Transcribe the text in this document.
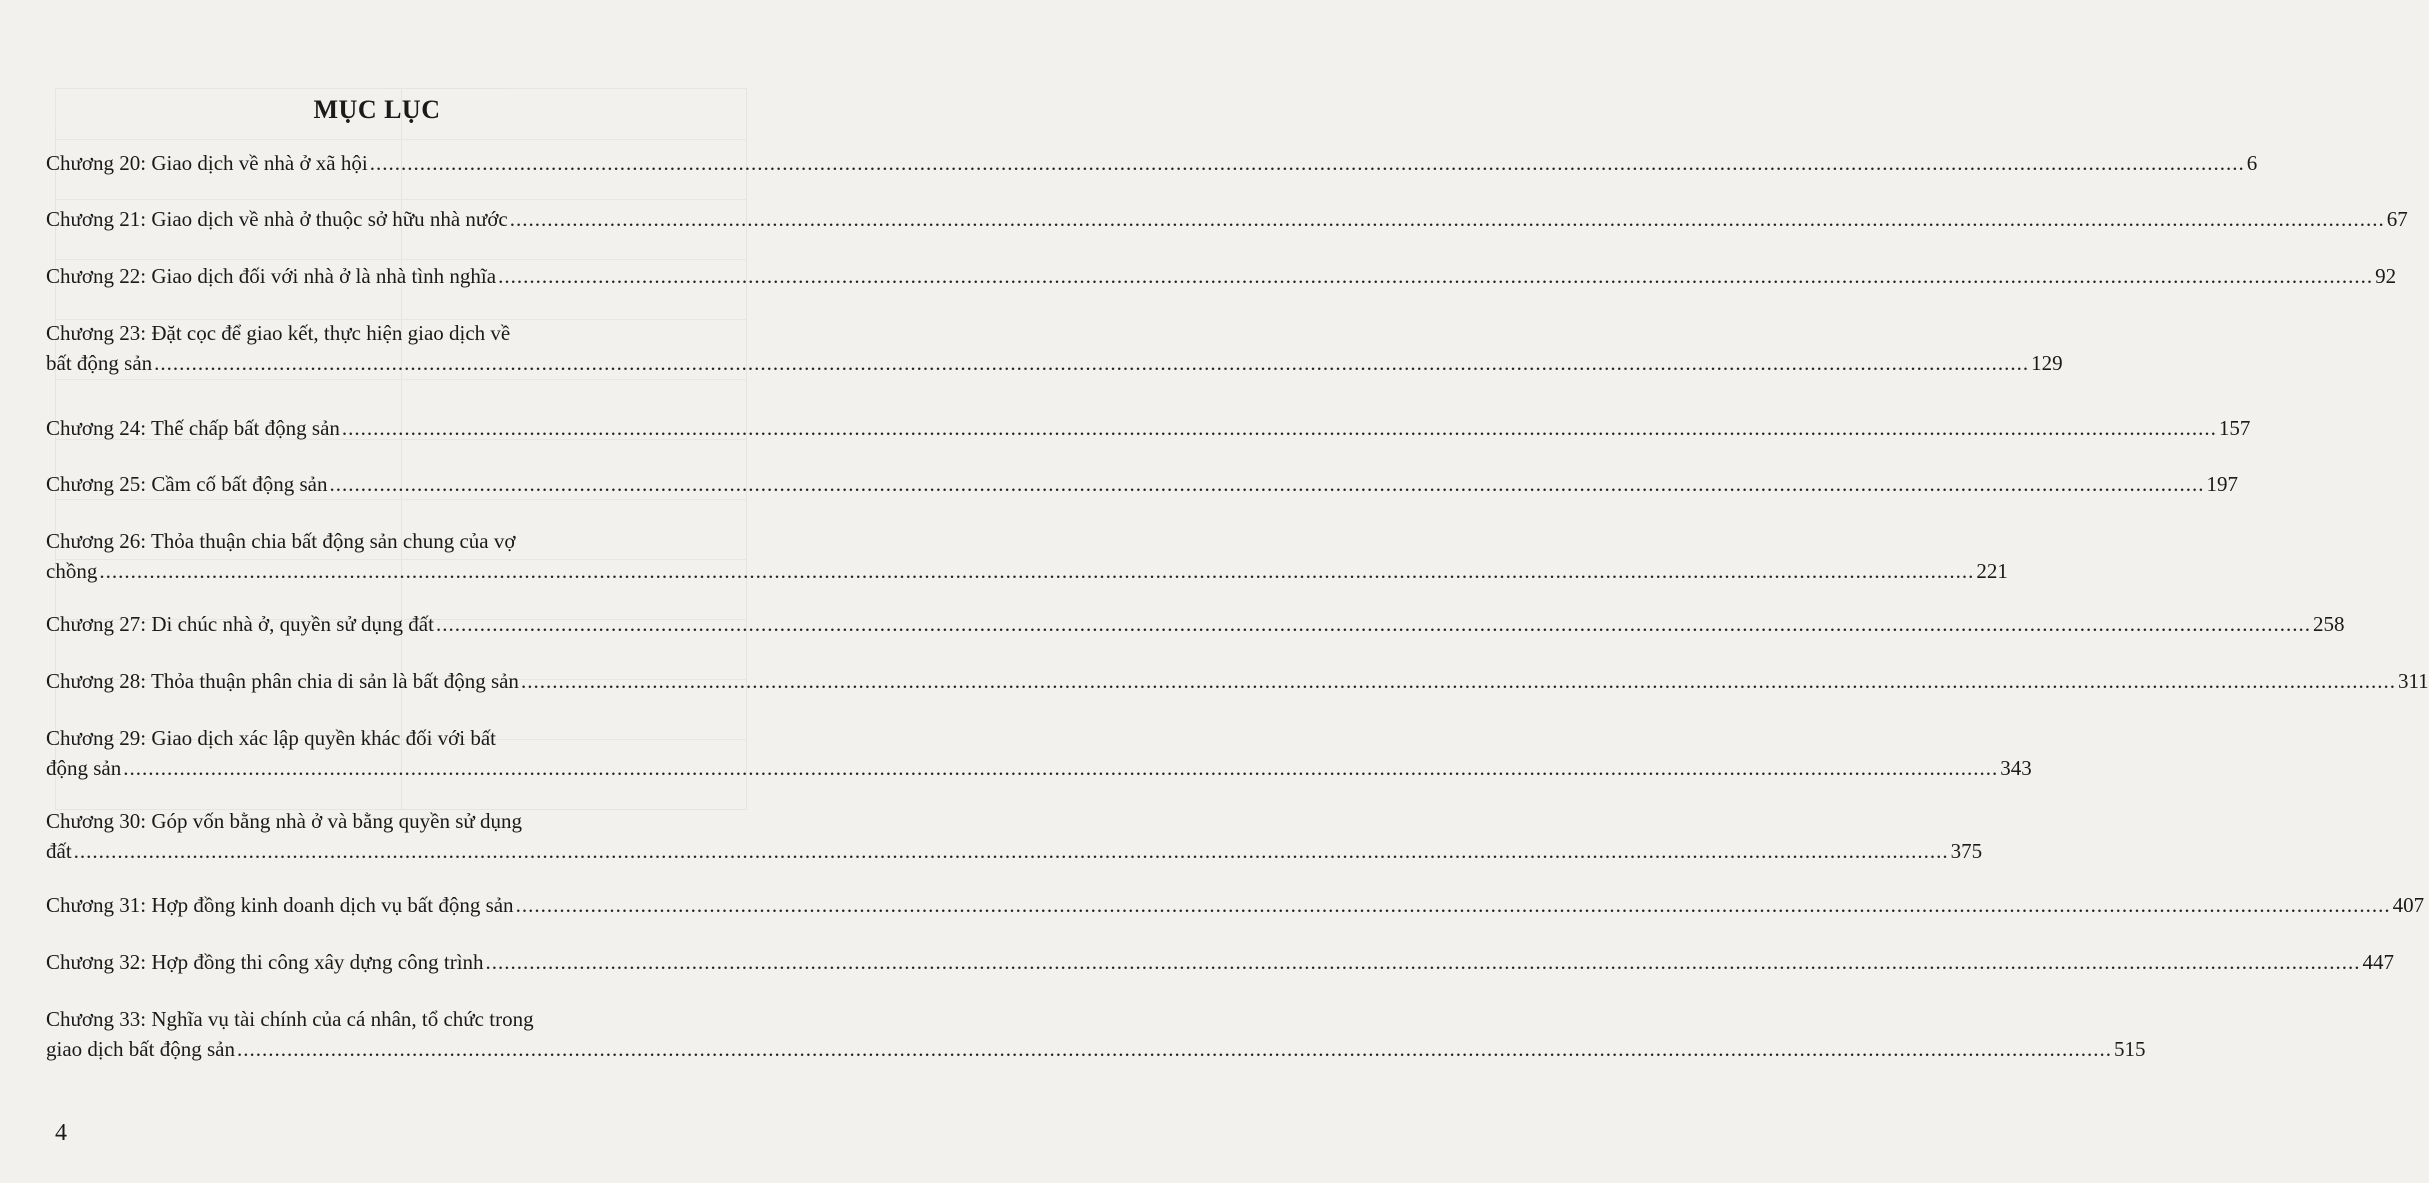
MỤC LỤC
Chương 20: Giao dịch về nhà ở xã hội ............................................................................................................................................................................................................................................................................................................ 6
Chương 21: Giao dịch về nhà ở thuộc sở hữu nhà nước ............................................................................................................................................................................................................................................................................................................ 67
Chương 22: Giao dịch đối với nhà ở là nhà tình nghĩa ............................................................................................................................................................................................................................................................................................................ 92
Chương 23: Đặt cọc để giao kết, thực hiện giao dịch về
bất động sản ............................................................................................................................................................................................................................................................................................................ 129
Chương 24: Thế chấp bất động sản ............................................................................................................................................................................................................................................................................................................ 157
Chương 25: Cầm cố bất động sản ............................................................................................................................................................................................................................................................................................................ 197
Chương 26: Thỏa thuận chia bất động sản chung của vợ
chồng ............................................................................................................................................................................................................................................................................................................ 221
Chương 27: Di chúc nhà ở, quyền sử dụng đất ............................................................................................................................................................................................................................................................................................................ 258
Chương 28: Thỏa thuận phân chia di sản là bất động sản ............................................................................................................................................................................................................................................................................................................ 311
Chương 29: Giao dịch xác lập quyền khác đối với bất
động sản ............................................................................................................................................................................................................................................................................................................ 343
Chương 30: Góp vốn bằng nhà ở và bằng quyền sử dụng
đất ............................................................................................................................................................................................................................................................................................................ 375
Chương 31: Hợp đồng kinh doanh dịch vụ bất động sản ............................................................................................................................................................................................................................................................................................................ 407
Chương 32: Hợp đồng thi công xây dựng công trình ............................................................................................................................................................................................................................................................................................................ 447
Chương 33: Nghĩa vụ tài chính của cá nhân, tổ chức trong
giao dịch bất động sản ............................................................................................................................................................................................................................................................................................................ 515
4
